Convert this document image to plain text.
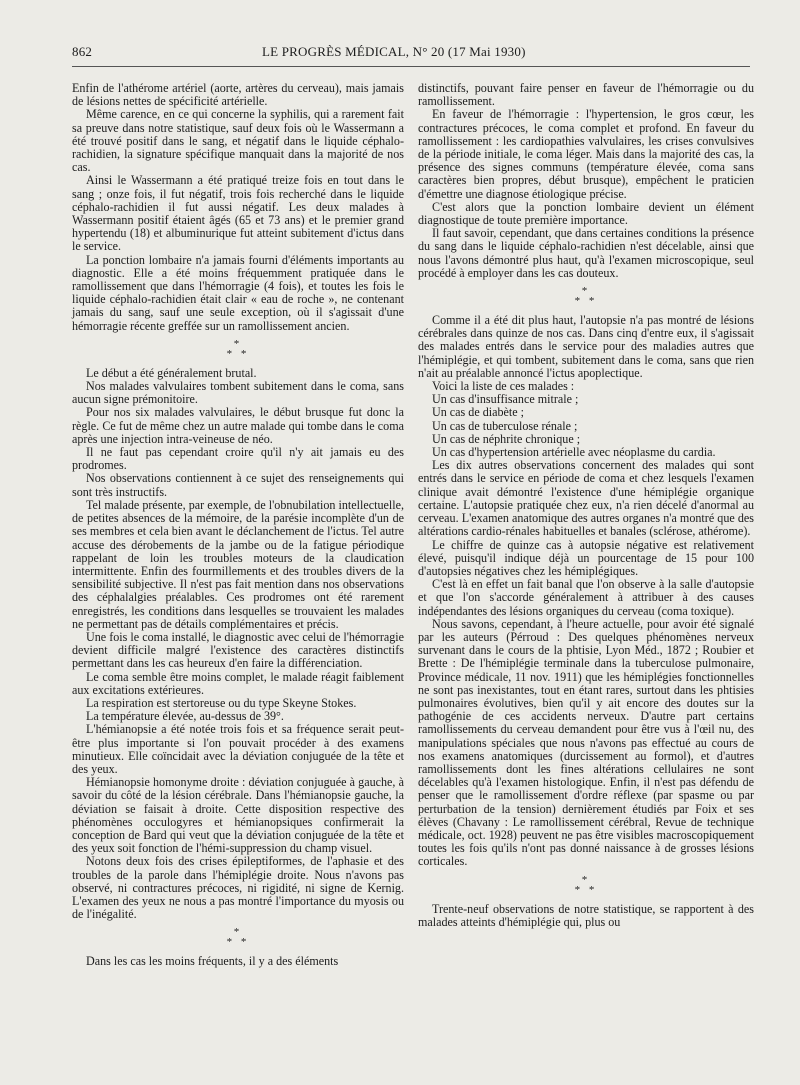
862	LE PROGRÈS MÉDICAL, N° 20 (17 Mai 1930)

Enfin de l'athérome artériel (aorte, artères du cerveau), mais jamais de lésions nettes de spécificité artérielle.

Même carence, en ce qui concerne la syphilis, qui a rarement fait sa preuve dans notre statistique, sauf deux fois où le Wassermann a été trouvé positif dans le sang, et négatif dans le liquide céphalo-rachidien, la signature spécifique manquait dans la majorité de nos cas.

Ainsi le Wassermann a été pratiqué treize fois en tout dans le sang ; onze fois, il fut négatif, trois fois recherché dans le liquide céphalo-rachidien il fut aussi négatif. Les deux malades à Wassermann positif étaient âgés (65 et 73 ans) et le premier grand hypertendu (18) et albuminurique fut atteint subitement d'ictus dans le service.

La ponction lombaire n'a jamais fourni d'éléments importants au diagnostic. Elle a été moins fréquemment pratiquée dans le ramollissement que dans l'hémorragie (4 fois), et toutes les fois le liquide céphalo-rachidien était clair « eau de roche », ne contenant jamais du sang, sauf une seule exception, où il s'agissait d'une hémorragie récente greffée sur un ramollissement ancien.

*
* *

Le début a été généralement brutal.

Nos malades valvulaires tombent subitement dans le coma, sans aucun signe prémonitoire.

Pour nos six malades valvulaires, le début brusque fut donc la règle. Ce fut de même chez un autre malade qui tombe dans le coma après une injection intra-veineuse de néo.

Il ne faut pas cependant croire qu'il n'y ait jamais eu des prodromes.

Nos observations contiennent à ce sujet des renseignements qui sont très instructifs.

Tel malade présente, par exemple, de l'obnubilation intellectuelle, de petites absences de la mémoire, de la parésie incomplète d'un de ses membres et cela bien avant le déclanchement de l'ictus. Tel autre accuse des dérobements de la jambe ou de la fatigue périodique rappelant de loin les troubles moteurs de la claudication intermittente. Enfin des fourmillements et des troubles divers de la sensibilité subjective. Il n'est pas fait mention dans nos observations des céphalalgies préalables. Ces prodromes ont été rarement enregistrés, les conditions dans lesquelles se trouvaient les malades ne permettant pas de détails complémentaires et précis.

Une fois le coma installé, le diagnostic avec celui de l'hémorragie devient difficile malgré l'existence des caractères distinctifs permettant dans les cas heureux d'en faire la différenciation.

Le coma semble être moins complet, le malade réagit faiblement aux excitations extérieures.

La respiration est stertoreuse ou du type Skeyne Stokes.

La température élevée, au-dessus de 39°.

L'hémianopsie a été notée trois fois et sa fréquence serait peut-être plus importante si l'on pouvait procéder à des examens minutieux. Elle coïncidait avec la déviation conjuguée de la tête et des yeux.

Hémianopsie homonyme droite : déviation conjuguée à gauche, à savoir du côté de la lésion cérébrale. Dans l'hémianopsie gauche, la déviation se faisait à droite. Cette disposition respective des phénomènes occulogyres et hémianopsiques confirmerait la conception de Bard qui veut que la déviation conjuguée de la tête et des yeux soit fonction de l'hémi-suppression du champ visuel.

Notons deux fois des crises épileptiformes, de l'aphasie et des troubles de la parole dans l'hémiplégie droite. Nous n'avons pas observé, ni contractures précoces, ni rigidité, ni signe de Kernig. L'examen des yeux ne nous a pas montré l'importance du myosis ou de l'inégalité.

*
* *

Dans les cas les moins fréquents, il y a des éléments

distinctifs, pouvant faire penser en faveur de l'hémorragie ou du ramollissement.

En faveur de l'hémorragie : l'hypertension, le gros cœur, les contractures précoces, le coma complet et profond. En faveur du ramollissement : les cardiopathies valvulaires, les crises convulsives de la période initiale, le coma léger. Mais dans la majorité des cas, la présence des signes communs (température élevée, coma sans caractères bien propres, début brusque), empêchent le praticien d'émettre une diagnose étiologique précise.

C'est alors que la ponction lombaire devient un élément diagnostique de toute première importance.

Il faut savoir, cependant, que dans certaines conditions la présence du sang dans le liquide céphalo-rachidien n'est décelable, ainsi que nous l'avons démontré plus haut, qu'à l'examen microscopique, seul procédé à employer dans les cas douteux.

*
* *

Comme il a été dit plus haut, l'autopsie n'a pas montré de lésions cérébrales dans quinze de nos cas. Dans cinq d'entre eux, il s'agissait des malades entrés dans le service pour des maladies autres que l'hémiplégie, et qui tombent, subitement dans le coma, sans que rien n'ait au préalable annoncé l'ictus apoplectique.

Voici la liste de ces malades :

Un cas d'insuffisance mitrale ;

Un cas de diabète ;

Un cas de tuberculose rénale ;

Un cas de néphrite chronique ;

Un cas d'hypertension artérielle avec néoplasme du cardia.

Les dix autres observations concernent des malades qui sont entrés dans le service en période de coma et chez lesquels l'examen clinique avait démontré l'existence d'une hémiplégie organique certaine. L'autopsie pratiquée chez eux, n'a rien décelé d'anormal au cerveau. L'examen anatomique des autres organes n'a montré que des altérations cardio-rénales habituelles et banales (sclérose, athérome).

Le chiffre de quinze cas à autopsie négative est relativement élevé, puisqu'il indique déjà un pourcentage de 15 pour 100 d'autopsies négatives chez les hémiplégiques.

C'est là en effet un fait banal que l'on observe à la salle d'autopsie et que l'on s'accorde généralement à attribuer à des causes indépendantes des lésions organiques du cerveau (coma toxique).

Nous savons, cependant, à l'heure actuelle, pour avoir été signalé par les auteurs (Pérroud : Des quelques phénomènes nerveux survenant dans le cours de la phtisie, Lyon Méd., 1872 ; Roubier et Brette : De l'hémiplégie terminale dans la tuberculose pulmonaire, Province médicale, 11 nov. 1911) que les hémiplégies fonctionnelles ne sont pas inexistantes, tout en étant rares, surtout dans les phtisies pulmonaires évolutives, bien qu'il y ait encore des doutes sur la pathogénie de ces accidents nerveux. D'autre part certains ramollissements du cerveau demandent pour être vus à l'œil nu, des manipulations spéciales que nous n'avons pas effectué au cours de nos examens anatomiques (durcissement au formol), et d'autres ramollissements dont les fines altérations cellulaires ne sont décelables qu'à l'examen histologique. Enfin, il n'est pas défendu de penser que le ramollissement d'ordre réflexe (par spasme ou par perturbation de la tension) dernièrement étudiés par Foix et ses élèves (Chavany : Le ramollissement cérébral, Revue de technique médicale, oct. 1928) peuvent ne pas être visibles macroscopiquement toutes les fois qu'ils n'ont pas donné naissance à de grosses lésions corticales.

*
* *

Trente-neuf observations de notre statistique, se rapportent à des malades atteints d'hémiplégie qui, plus ou
